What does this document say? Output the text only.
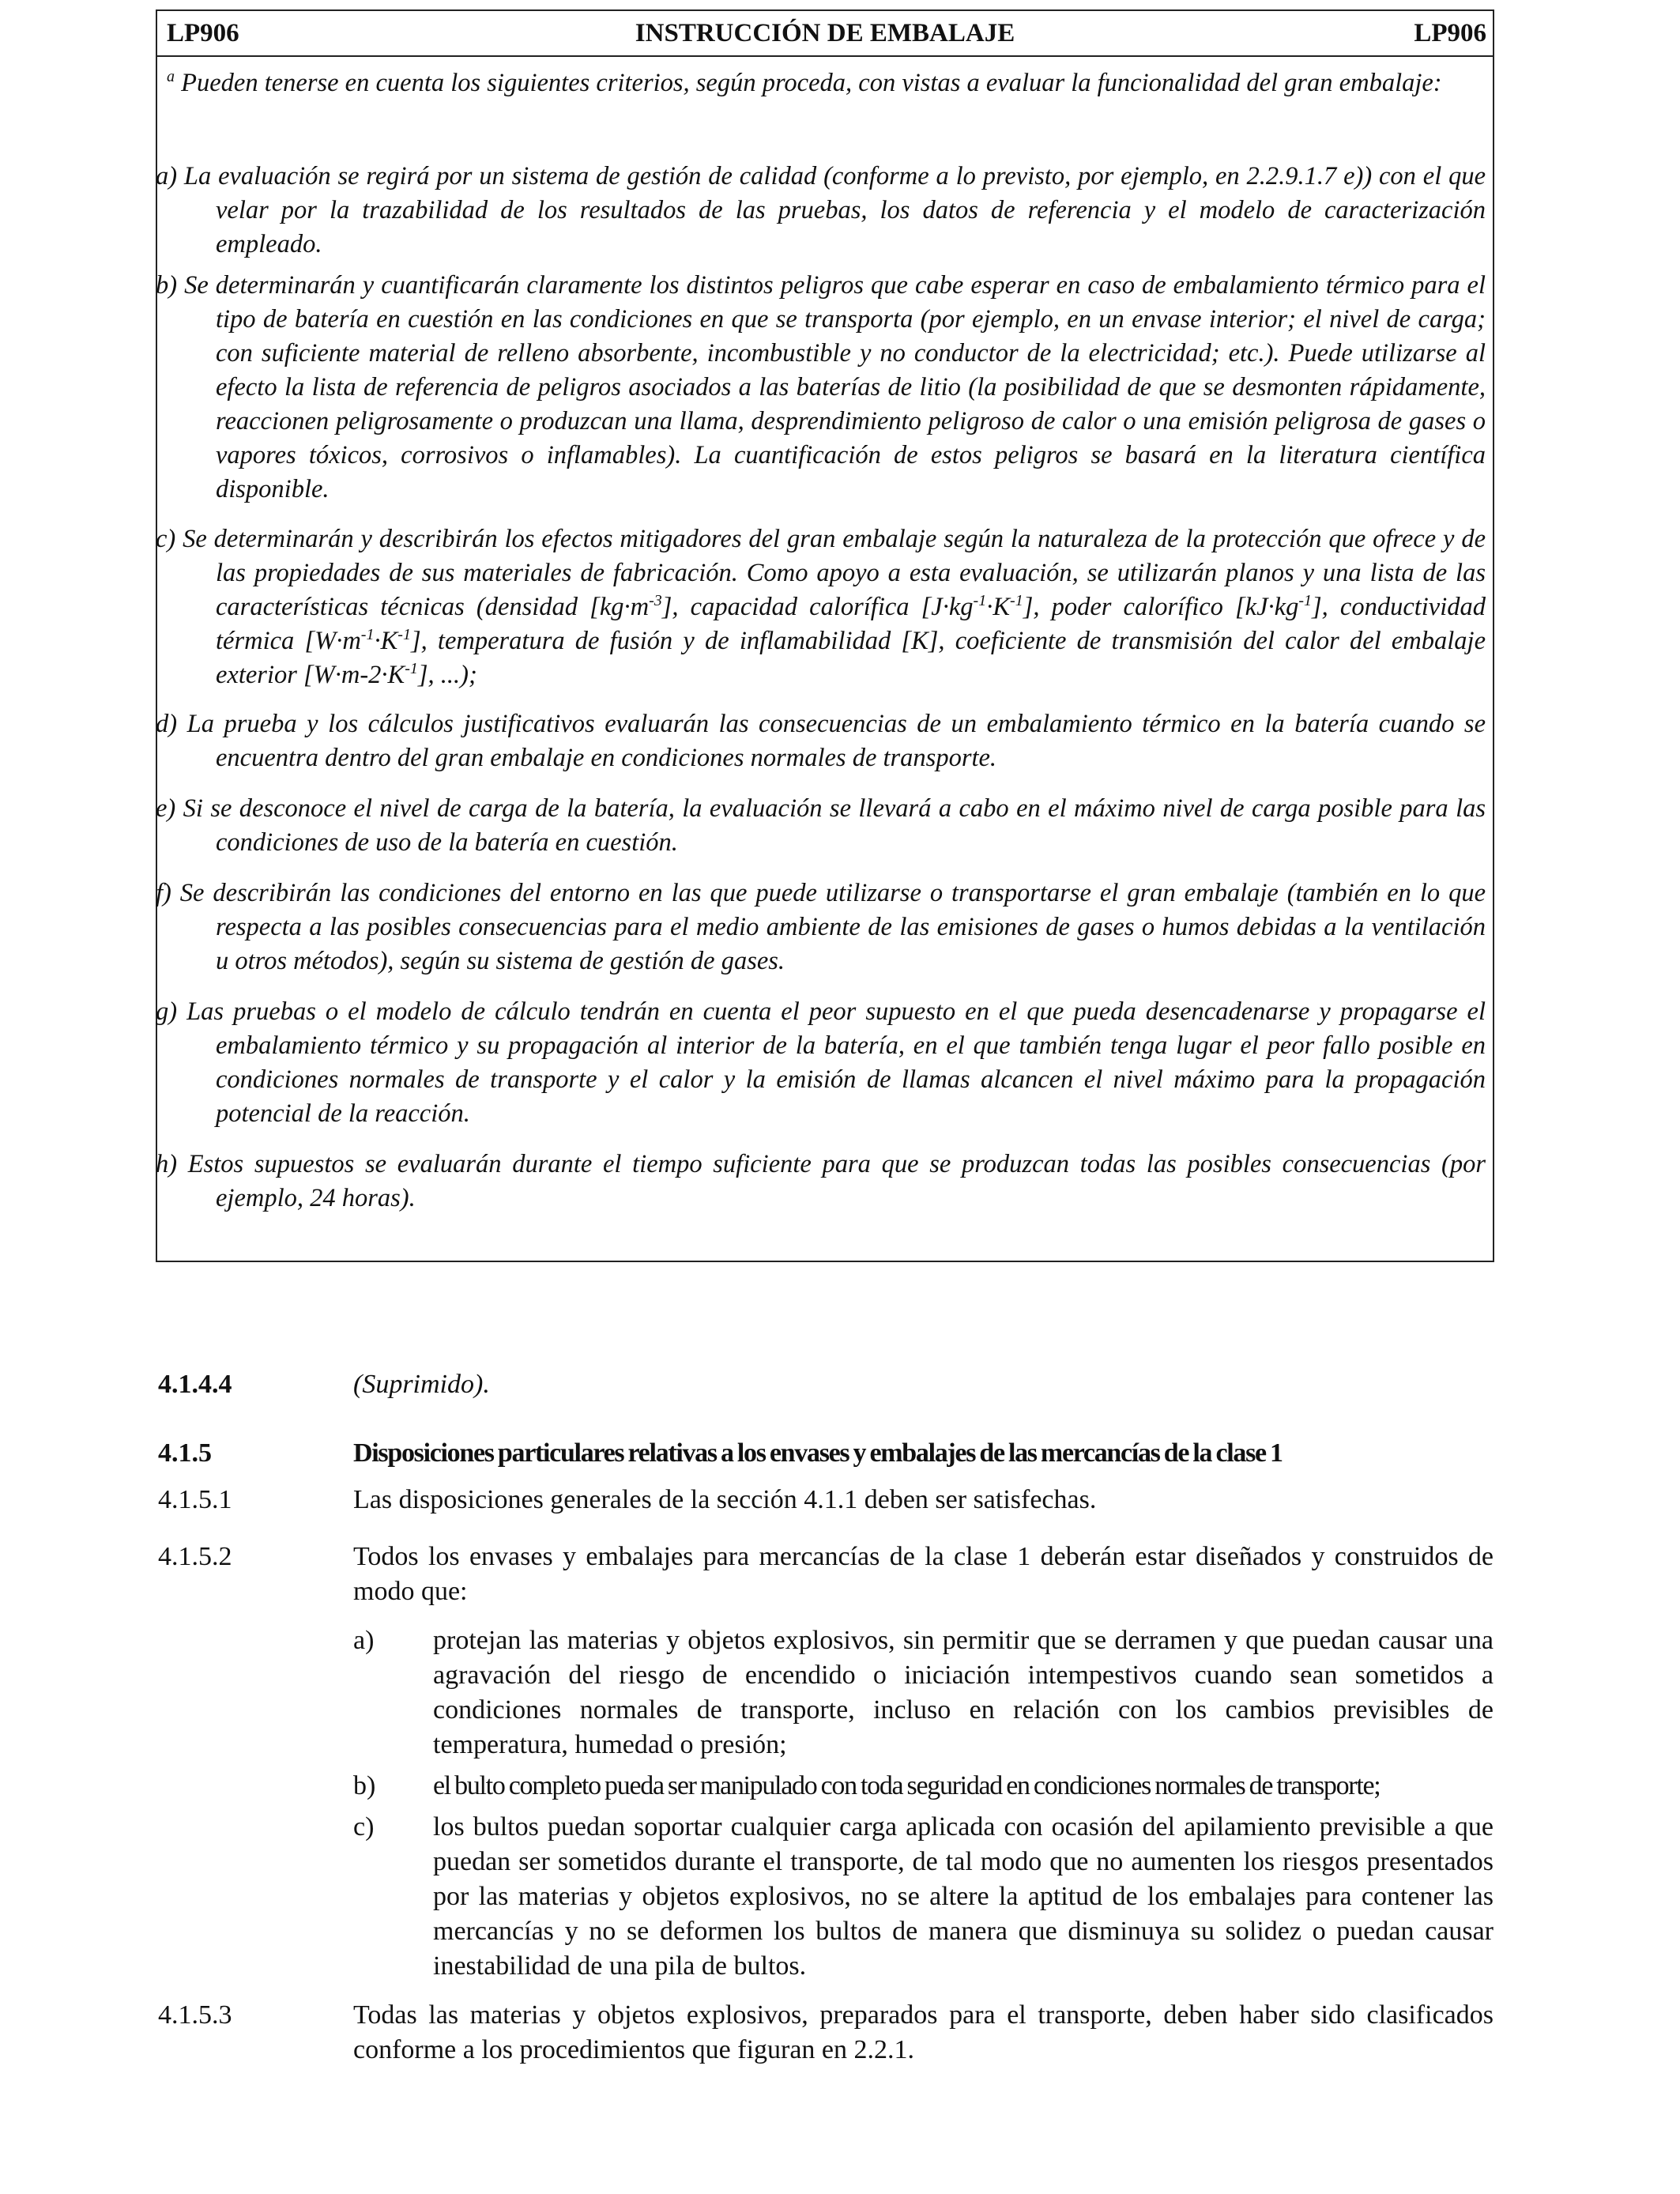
LP906	INSTRUCCIÓN DE EMBALAJE	LP906
$^a$ Pueden tenerse en cuenta los siguientes criterios, según proceda, con vistas a evaluar la funcionalidad del gran embalaje:
a) La evaluación se regirá por un sistema de gestión de calidad (conforme a lo previsto, por ejemplo, en 2.2.9.1.7 e)) con el que velar por la trazabilidad de los resultados de las pruebas, los datos de referencia y el modelo de caracterización empleado.
b) Se determinarán y cuantificarán claramente los distintos peligros que cabe esperar en caso de embalamiento térmico para el tipo de batería en cuestión en las condiciones en que se transporta (por ejemplo, en un envase interior; el nivel de carga; con suficiente material de relleno absorbente, incombustible y no conductor de la electricidad; etc.). Puede utilizarse al efecto la lista de referencia de peligros asociados a las baterías de litio (la posibilidad de que se desmonten rápidamente, reaccionen peligrosamente o produzcan una llama, desprendimiento peligroso de calor o una emisión peligrosa de gases o vapores tóxicos, corrosivos o inflamables). La cuantificación de estos peligros se basará en la literatura científica disponible.
c) Se determinarán y describirán los efectos mitigadores del gran embalaje según la naturaleza de la protección que ofrece y de las propiedades de sus materiales de fabricación. Como apoyo a esta evaluación, se utilizarán planos y una lista de las características técnicas (densidad $[kg\cdot m^{-3}]$, capacidad calorífica $[J\cdot kg^{-1}\cdot K^{-1}]$, poder calorífico $[kJ\cdot kg^{-1}]$, conductividad térmica $[W\cdot m^{-1}\cdot K^{-1}]$, temperatura de fusión y de inflamabilidad [K], coeficiente de transmisión del calor del embalaje exterior $[W\cdot m-2\cdot K^{-1}]$, ...);
d) La prueba y los cálculos justificativos evaluarán las consecuencias de un embalamiento térmico en la batería cuando se encuentra dentro del gran embalaje en condiciones normales de transporte.
e) Si se desconoce el nivel de carga de la batería, la evaluación se llevará a cabo en el máximo nivel de carga posible para las condiciones de uso de la batería en cuestión.
f) Se describirán las condiciones del entorno en las que puede utilizarse o transportarse el gran embalaje (también en lo que respecta a las posibles consecuencias para el medio ambiente de las emisiones de gases o humos debidas a la ventilación u otros métodos), según su sistema de gestión de gases.
g) Las pruebas o el modelo de cálculo tendrán en cuenta el peor supuesto en el que pueda desencadenarse y propagarse el embalamiento térmico y su propagación al interior de la batería, en el que también tenga lugar el peor fallo posible en condiciones normales de transporte y el calor y la emisión de llamas alcancen el nivel máximo para la propagación potencial de la reacción.
h) Estos supuestos se evaluarán durante el tiempo suficiente para que se produzcan todas las posibles consecuencias (por ejemplo, 24 horas).
4.1.4.4	(Suprimido).
4.1.5	Disposiciones particulares relativas a los envases y embalajes de las mercancías de la clase 1
4.1.5.1	Las disposiciones generales de la sección 4.1.1 deben ser satisfechas.
4.1.5.2	Todos los envases y embalajes para mercancías de la clase 1 deberán estar diseñados y construidos de modo que:
a) protejan las materias y objetos explosivos, sin permitir que se derramen y que puedan causar una agravación del riesgo de encendido o iniciación intempestivos cuando sean sometidos a condiciones normales de transporte, incluso en relación con los cambios previsibles de temperatura, humedad o presión;
b) el bulto completo pueda ser manipulado con toda seguridad en condiciones normales de transporte;
c) los bultos puedan soportar cualquier carga aplicada con ocasión del apilamiento previsible a que puedan ser sometidos durante el transporte, de tal modo que no aumenten los riesgos presentados por las materias y objetos explosivos, no se altere la aptitud de los embalajes para contener las mercancías y no se deformen los bultos de manera que disminuya su solidez o puedan causar inestabilidad de una pila de bultos.
4.1.5.3	Todas las materias y objetos explosivos, preparados para el transporte, deben haber sido clasificados conforme a los procedimientos que figuran en 2.2.1.
